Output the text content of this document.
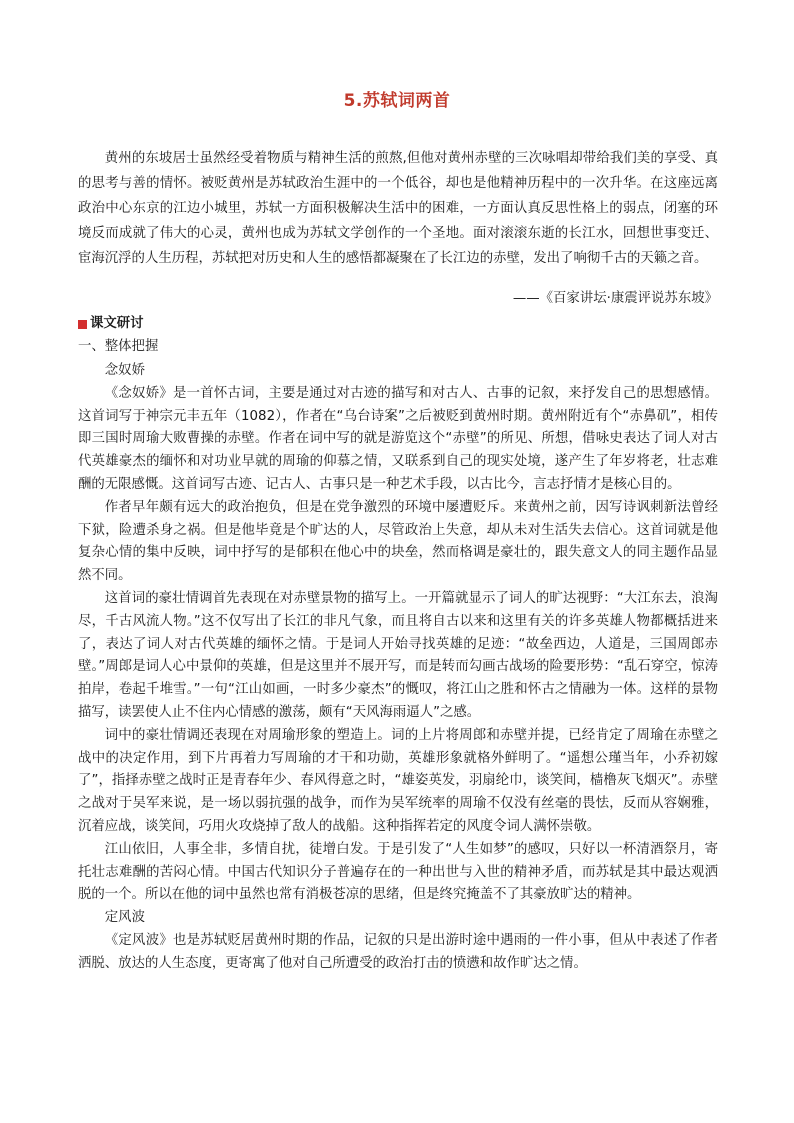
5.苏轼词两首

黄州的东坡居士虽然经受着物质与精神生活的煎熬,但他对黄州赤壁的三次咏唱却带给我们美的享受、真的思考与善的情怀。被贬黄州是苏轼政治生涯中的一个低谷，却也是他精神历程中的一次升华。在这座远离政治中心东京的江边小城里，苏轼一方面积极解决生活中的困难，一方面认真反思性格上的弱点，闭塞的环境反而成就了伟大的心灵，黄州也成为苏轼文学创作的一个圣地。面对滚滚东逝的长江水，回想世事变迁、宦海沉浮的人生历程，苏轼把对历史和人生的感悟都凝聚在了长江边的赤壁，发出了响彻千古的天籁之音。

——《百家讲坛·康震评说苏东坡》

课文研讨

一、整体把握

念奴娇

《念奴娇》是一首怀古词，主要是通过对古迹的描写和对古人、古事的记叙，来抒发自己的思想感情。这首词写于神宗元丰五年（1082），作者在“乌台诗案”之后被贬到黄州时期。黄州附近有个“赤鼻矶”，相传即三国时周瑜大败曹操的赤壁。作者在词中写的就是游览这个“赤壁”的所见、所想，借咏史表达了词人对古代英雄豪杰的缅怀和对功业早就的周瑜的仰慕之情，又联系到自己的现实处境，遂产生了年岁将老，壮志难酬的无限感慨。这首词写古迹、记古人、古事只是一种艺术手段，以古比今，言志抒情才是核心目的。

作者早年颇有远大的政治抱负，但是在党争激烈的环境中屡遭贬斥。来黄州之前，因写诗讽刺新法曾经下狱，险遭杀身之祸。但是他毕竟是个旷达的人，尽管政治上失意，却从未对生活失去信心。这首词就是他复杂心情的集中反映，词中抒写的是郁积在他心中的块垒，然而格调是豪壮的，跟失意文人的同主题作品显然不同。

这首词的豪壮情调首先表现在对赤壁景物的描写上。一开篇就显示了词人的旷达视野：“大江东去，浪淘尽，千古风流人物。”这不仅写出了长江的非凡气象，而且将自古以来和这里有关的许多英雄人物都概括进来了，表达了词人对古代英雄的缅怀之情。于是词人开始寻找英雄的足迹：“故垒西边，人道是，三国周郎赤壁。”周郎是词人心中景仰的英雄，但是这里并不展开写，而是转而勾画古战场的险要形势：“乱石穿空，惊涛拍岸，卷起千堆雪。”一句“江山如画，一时多少豪杰”的慨叹，将江山之胜和怀古之情融为一体。这样的景物描写，读罢使人止不住内心情感的激荡，颇有“天风海雨逼人”之感。

词中的豪壮情调还表现在对周瑜形象的塑造上。词的上片将周郎和赤壁并提，已经肯定了周瑜在赤壁之战中的决定作用，到下片再着力写周瑜的才干和功勋，英雄形象就格外鲜明了。“遥想公瑾当年，小乔初嫁了”，指择赤壁之战时正是青春年少、春风得意之时，“雄姿英发，羽扇纶巾，谈笑间，樯橹灰飞烟灭”。赤壁之战对于吴军来说，是一场以弱抗强的战争，而作为吴军统率的周瑜不仅没有丝毫的畏怯，反而从容娴雅，沉着应战，谈笑间，巧用火攻烧掉了敌人的战船。这种指挥若定的风度令词人满怀崇敬。

江山依旧，人事全非，多情自扰，徒增白发。于是引发了“人生如梦”的感叹，只好以一杯清酒祭月，寄托壮志难酬的苦闷心情。中国古代知识分子普遍存在的一种出世与入世的精神矛盾，而苏轼是其中最达观洒脱的一个。所以在他的词中虽然也常有消极苍凉的思绪，但是终究掩盖不了其豪放旷达的精神。

定风波

《定风波》也是苏轼贬居黄州时期的作品，记叙的只是出游时途中遇雨的一件小事，但从中表述了作者洒脱、放达的人生态度，更寄寓了他对自己所遭受的政治打击的愤懑和故作旷达之情。
